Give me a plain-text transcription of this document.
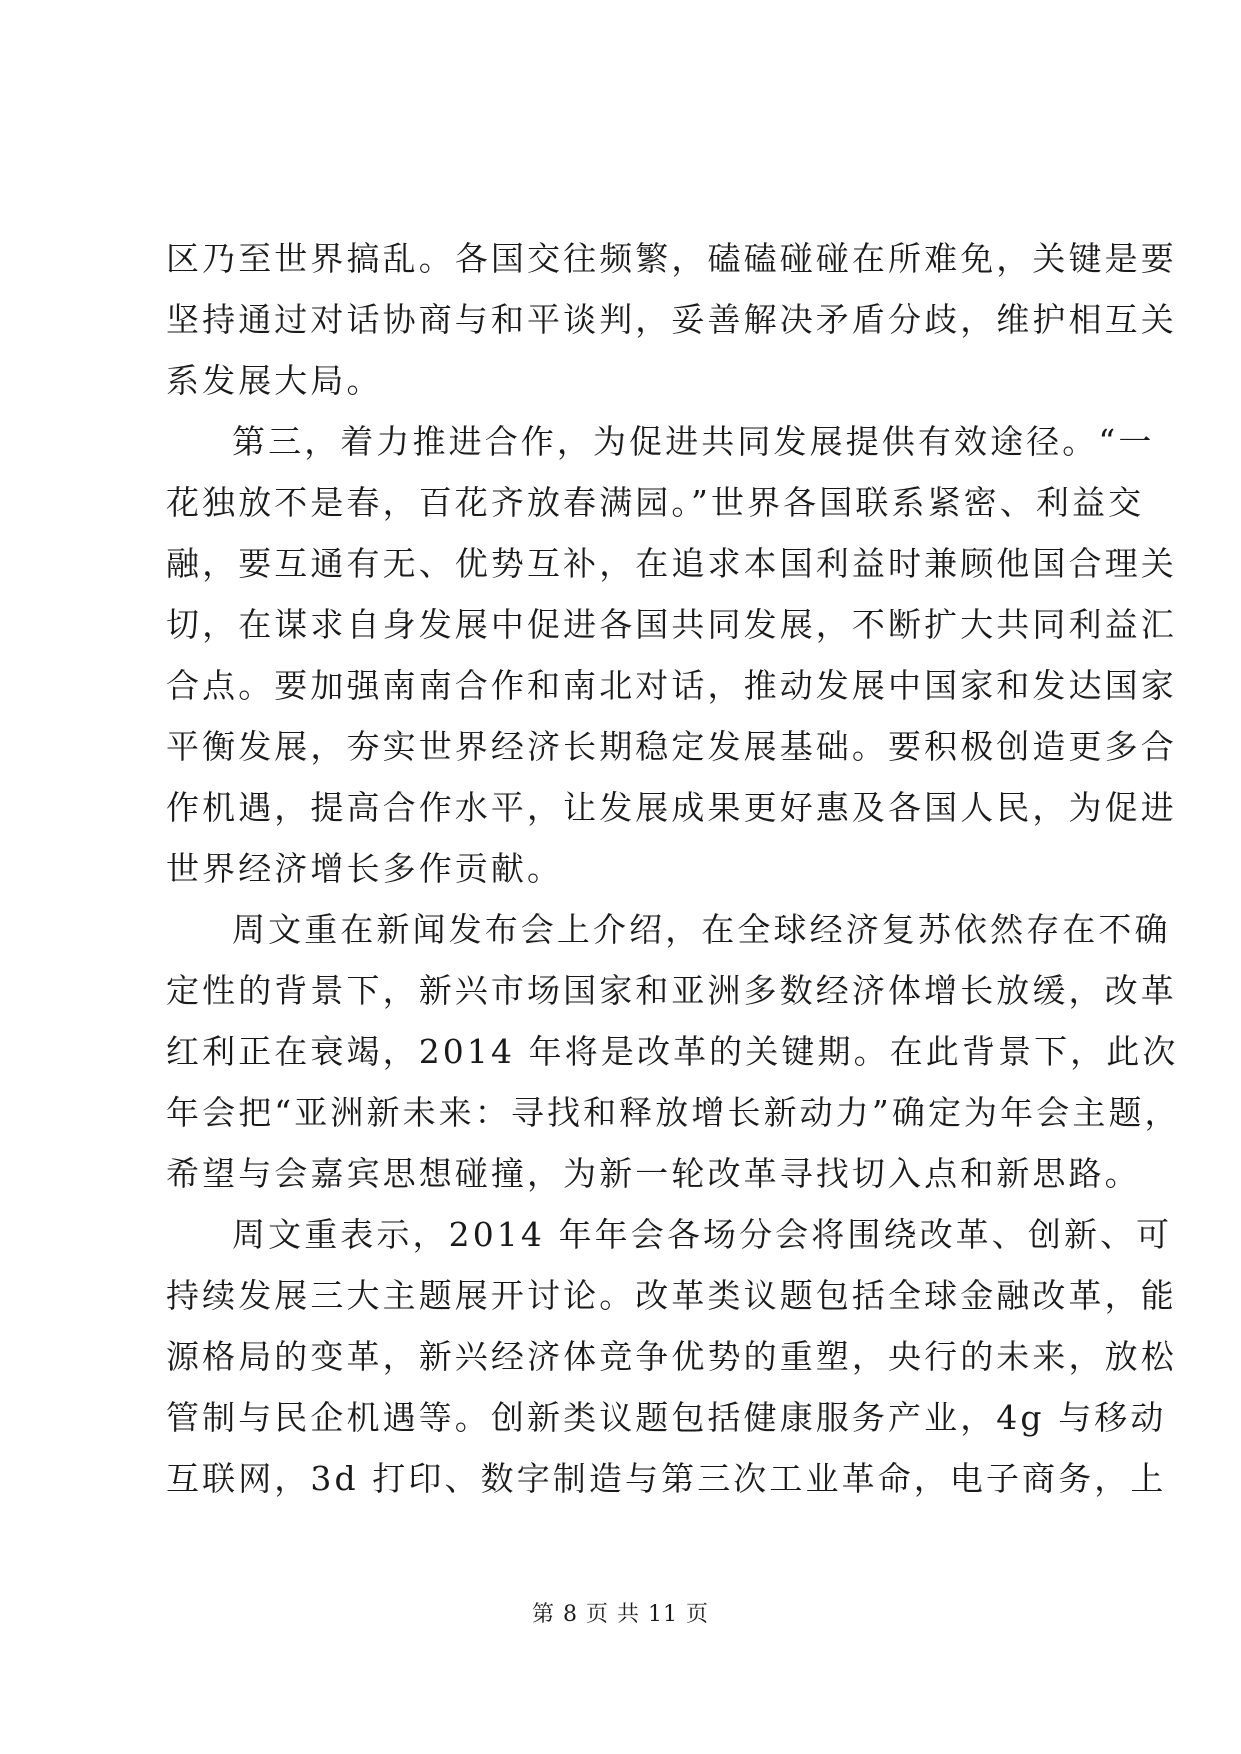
区乃至世界搞乱。各国交往频繁，磕磕碰碰在所难免，关键是要
坚持通过对话协商与和平谈判，妥善解决矛盾分歧，维护相互关
系发展大局。
第三，着力推进合作，为促进共同发展提供有效途径。“一
花独放不是春，百花齐放春满园。”世界各国联系紧密、利益交
融，要互通有无、优势互补，在追求本国利益时兼顾他国合理关
切，在谋求自身发展中促进各国共同发展，不断扩大共同利益汇
合点。要加强南南合作和南北对话，推动发展中国家和发达国家
平衡发展，夯实世界经济长期稳定发展基础。要积极创造更多合
作机遇，提高合作水平，让发展成果更好惠及各国人民，为促进
世界经济增长多作贡献。
周文重在新闻发布会上介绍，在全球经济复苏依然存在不确
定性的背景下，新兴市场国家和亚洲多数经济体增长放缓，改革
红利正在衰竭，2014 年将是改革的关键期。在此背景下，此次
年会把“亚洲新未来：寻找和释放增长新动力”确定为年会主题，
希望与会嘉宾思想碰撞，为新一轮改革寻找切入点和新思路。
周文重表示，2014 年年会各场分会将围绕改革、创新、可
持续发展三大主题展开讨论。改革类议题包括全球金融改革，能
源格局的变革，新兴经济体竞争优势的重塑，央行的未来，放松
管制与民企机遇等。创新类议题包括健康服务产业，4g 与移动
互联网，3d 打印、数字制造与第三次工业革命，电子商务，上
第 8 页 共 11 页
